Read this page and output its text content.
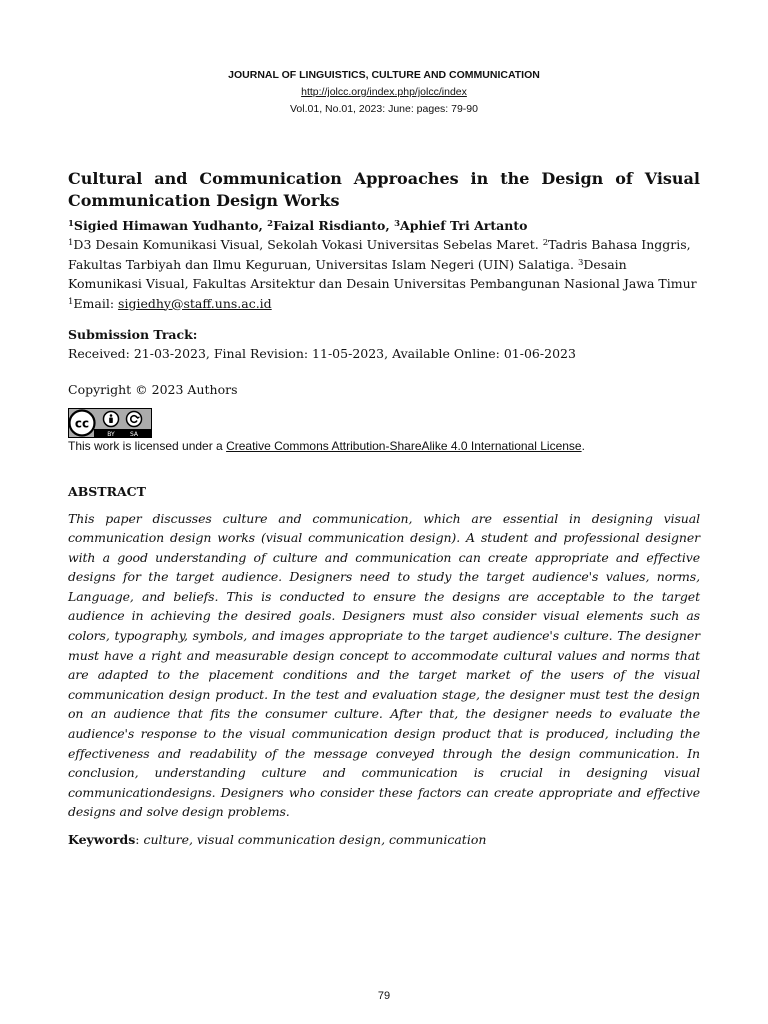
JOURNAL OF LINGUISTICS, CULTURE AND COMMUNICATION
http://jolcc.org/index.php/jolcc/index
Vol.01, No.01, 2023: June: pages: 79-90
Cultural and Communication Approaches in the Design of Visual Communication Design Works

$^1$Sigied Himawan Yudhanto, $^2$Faizal Risdianto, $^3$Aphief Tri Artanto

$^1$D3 Desain Komunikasi Visual, Sekolah Vokasi Universitas Sebelas Maret. $^2$Tadris Bahasa Inggris, Fakultas Tarbiyah dan Ilmu Keguruan, Universitas Islam Negeri (UIN) Salatiga. $^3$Desain Komunikasi Visual, Fakultas Arsitektur dan Desain Universitas Pembangunan Nasional Jawa Timur

$^1$Email: sigiedhy@staff.uns.ac.id

Submission Track:

Received: 21-03-2023, Final Revision: 11-05-2023, Available Online: 01-06-2023

Copyright © 2023 Authors

cc
BY	SA

This work is licensed under a Creative Commons Attribution-ShareAlike 4.0 International License.

ABSTRACT

This paper discusses culture and communication, which are essential in designing visual communication design works (visual communication design). A student and professional designer with a good understanding of culture and communication can create appropriate and effective designs for the target audience. Designers need to study the target audience's values, norms, Language, and beliefs. This is conducted to ensure the designs are acceptable to the target audience in achieving the desired goals. Designers must also consider visual elements such as colors, typography, symbols, and images appropriate to the target audience's culture. The designer must have a right and measurable design concept to accommodate cultural values and norms that are adapted to the placement conditions and the target market of the users of the visual communication design product. In the test and evaluation stage, the designer must test the design on an audience that fits the consumer culture. After that, the designer needs to evaluate the audience's response to the visual communication design product that is produced, including the effectiveness and readability of the message conveyed through the design communication. In conclusion, understanding culture and communication is crucial in designing visual communicationdesigns. Designers who consider these factors can create appropriate and effective designs and solve design problems.

Keywords: culture, visual communication design, communication

79
